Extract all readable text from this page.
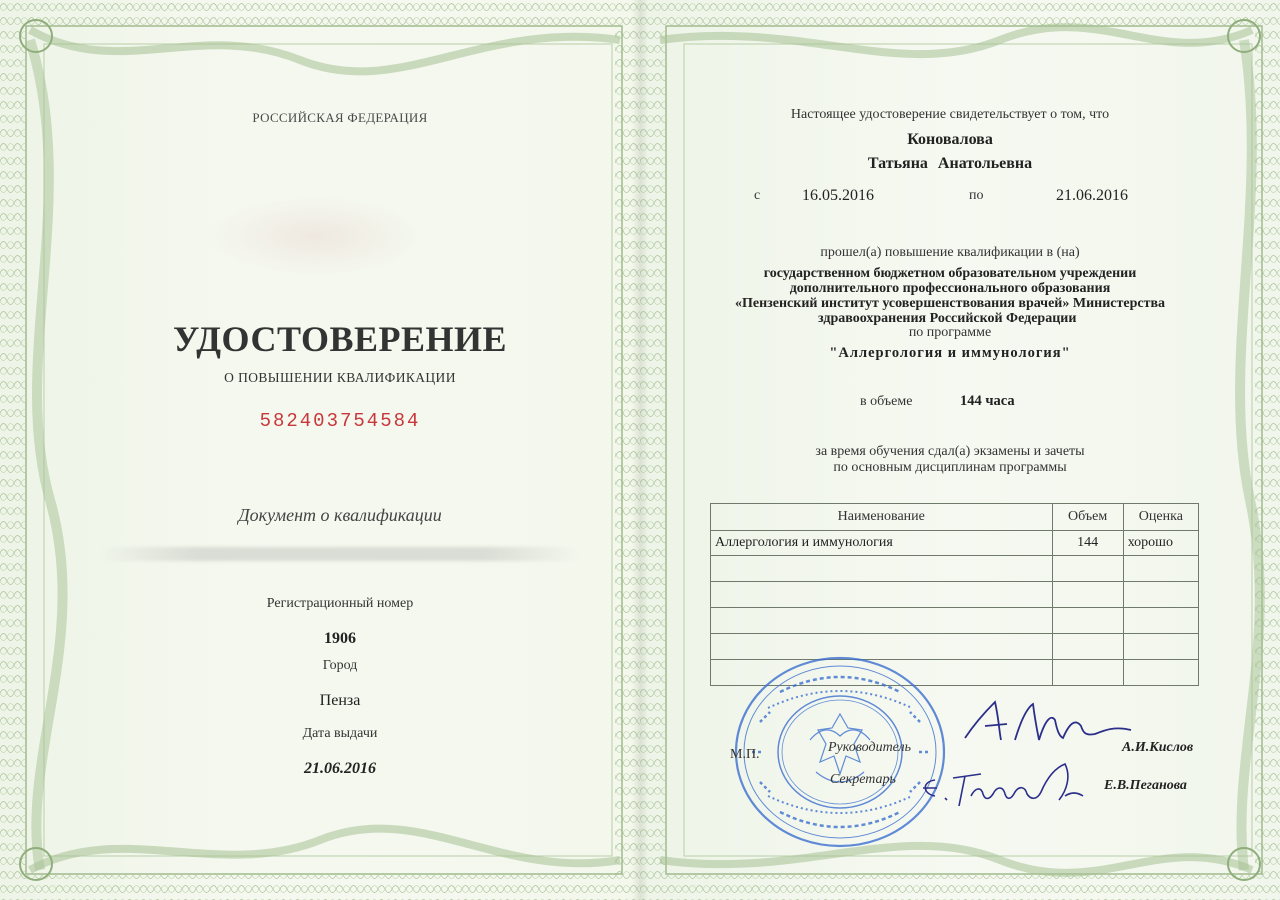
РОССИЙСКАЯ ФЕДЕРАЦИЯ
УДОСТОВЕРЕНИЕ
О ПОВЫШЕНИИ КВАЛИФИКАЦИИ
582403754584
Документ о квалификации
Регистрационный номер
1906
Город
Пенза
Дата выдачи
21.06.2016
Настоящее удостоверение свидетельствует о том, что
Коновалова
Татьяна Анатольевна
с	16.05.2016	по	21.06.2016
прошел(а) повышение квалификации в (на)
государственном бюджетном образовательном учреждении
дополнительного профессионального образования
«Пензенский институт усовершенствования врачей» Министерства
здравоохранения Российской Федерации
по программе
"Аллергология и иммунология"
в объеме	144 часа
за время обучения сдал(а) экзамены и зачеты
по основным дисциплинам программы
Наименование	Объем	Оценка
Аллергология и иммунология	144	хорошо

М.П.	Руководитель
Секретарь
А.И.Кислов
Е.В.Пеганова
